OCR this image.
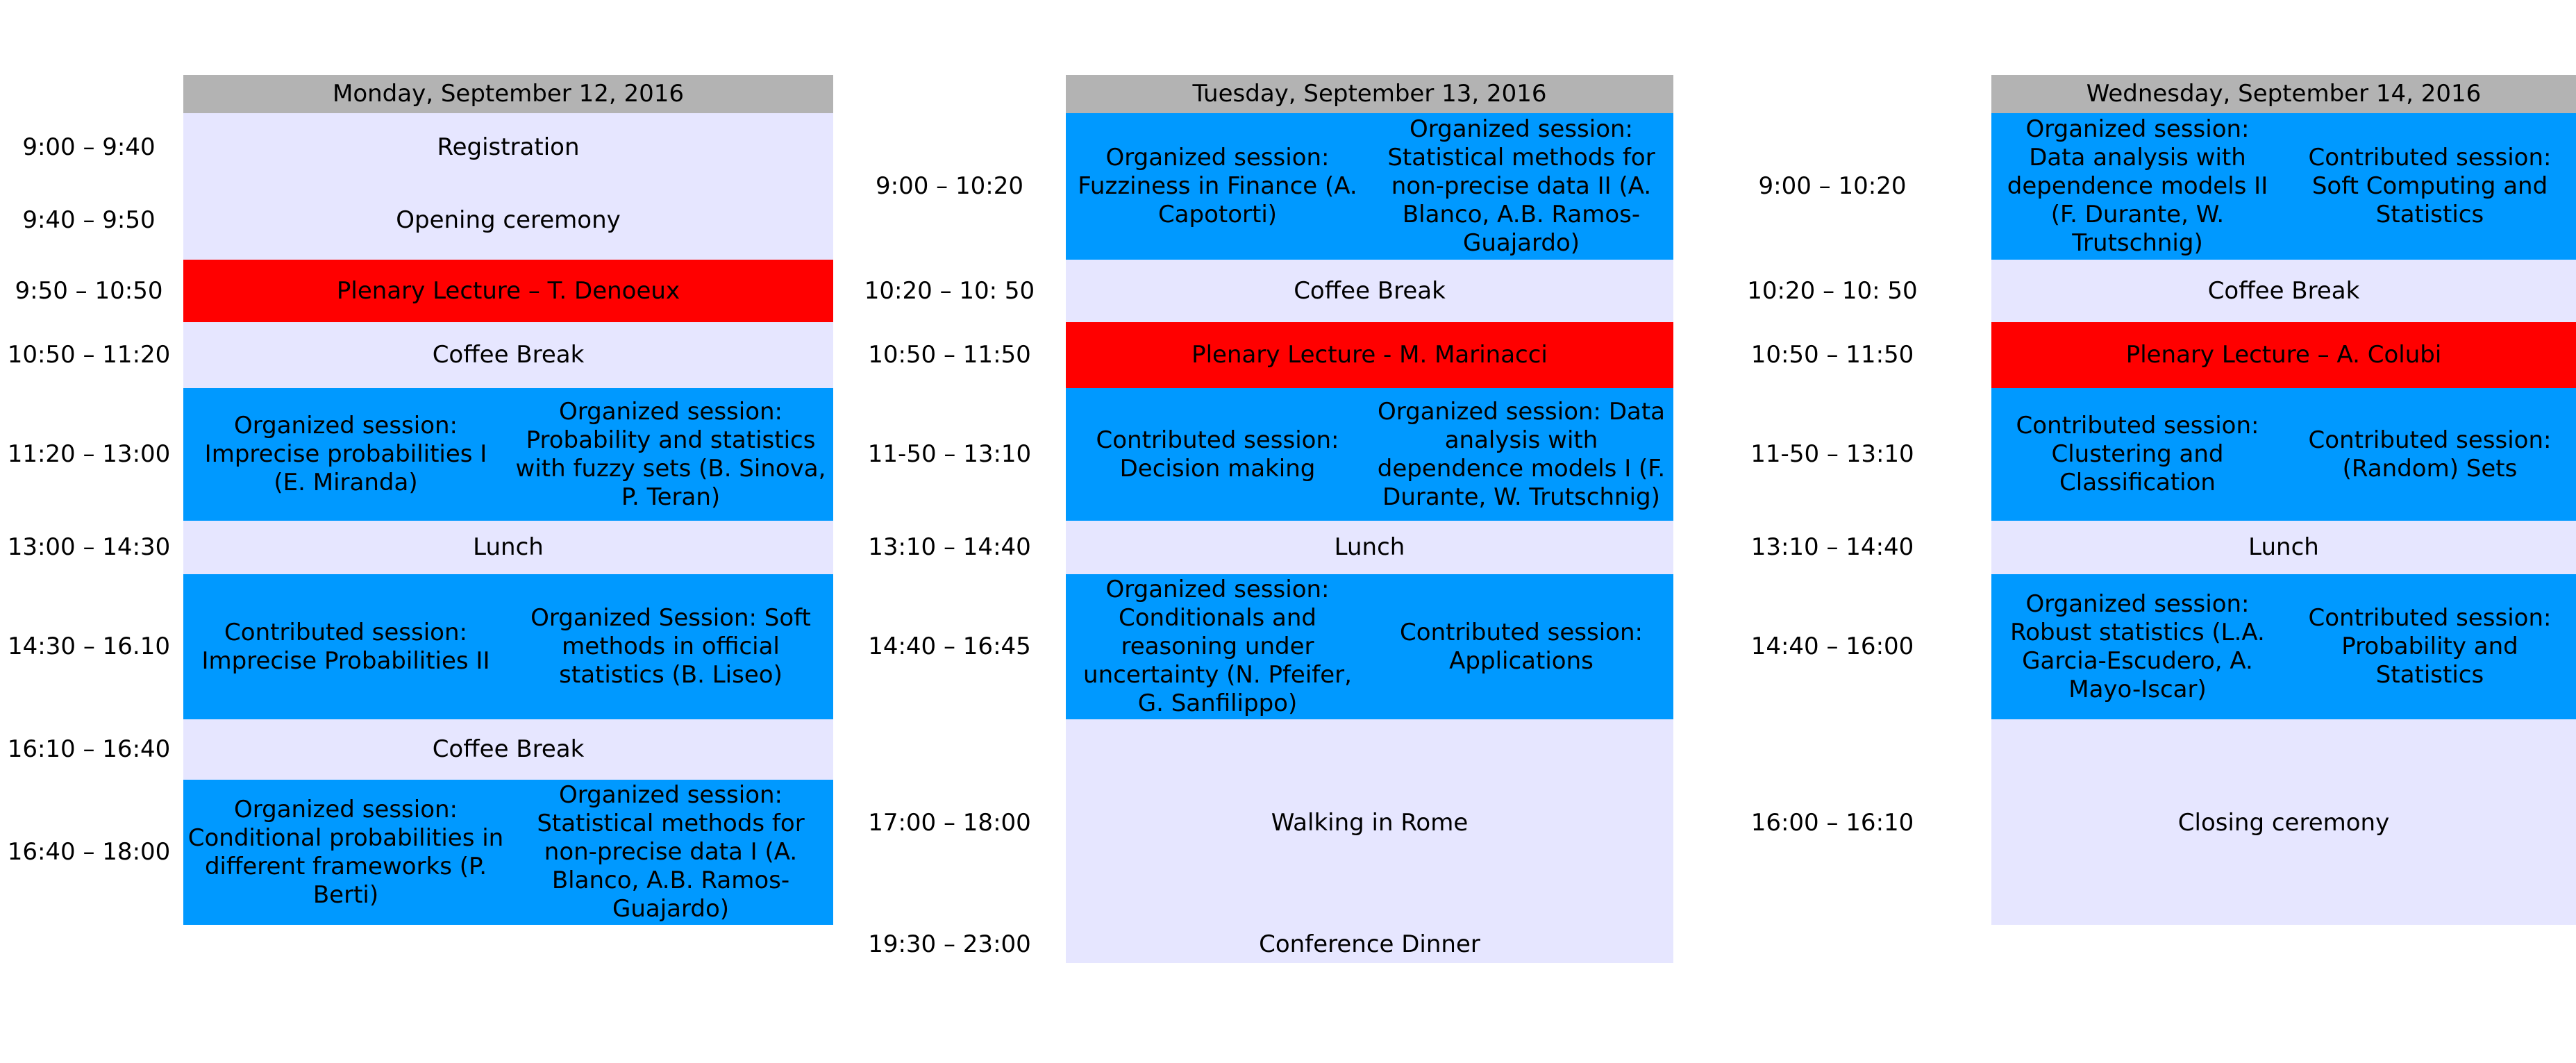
Monday, September 12, 2016
9:00 – 9:40
9:40 – 9:50
9:50 – 10:50
10:50 – 11:20
11:20 – 13:00
13:00 – 14:30
14:30 – 16.10
16:10 – 16:40
16:40 – 18:00
Registration
Opening ceremony
Plenary Lecture – T. Denoeux
Coffee Break
Organized session: Imprecise probabilities I (E. Miranda)
Organized session: Probability and statistics with fuzzy sets (B. Sinova, P. Teran)
Lunch
Contributed session: Imprecise Probabilities II
Organized Session: Soft methods in official statistics (B. Liseo)
Coffee Break
Organized session: Conditional probabilities in different frameworks (P. Berti)
Organized session: Statistical methods for non-precise data I (A. Blanco, A.B. Ramos-Guajardo)
Tuesday, September 13, 2016
9:00 – 10:20
10:20 – 10: 50
10:50 – 11:50
11-50 – 13:10
13:10 – 14:40
14:40 – 16:45
17:00 – 18:00
19:30 – 23:00
Organized session: Fuzziness in Finance (A. Capotorti)
Organized session: Statistical methods for non-precise data II (A. Blanco, A.B. Ramos-Guajardo)
Coffee Break
Plenary Lecture - M. Marinacci
Contributed session: Decision making
Organized session: Data analysis with dependence models I (F. Durante, W. Trutschnig)
Lunch
Organized session: Conditionals and reasoning under uncertainty (N. Pfeifer, G. Sanfilippo)
Contributed session: Applications
Walking in Rome
Conference Dinner
Wednesday, September 14, 2016
9:00 – 10:20
10:20 – 10: 50
10:50 – 11:50
11-50 – 13:10
13:10 – 14:40
14:40 – 16:00
16:00 – 16:10
Organized session: Data analysis with dependence models II (F. Durante, W. Trutschnig)
Contributed session: Soft Computing and Statistics
Coffee Break
Plenary Lecture – A. Colubi
Contributed session: Clustering and Classification
Contributed session: (Random) Sets
Lunch
Organized session: Robust statistics (L.A. Garcia-Escudero, A. Mayo-Iscar)
Contributed session: Probability and Statistics
Closing ceremony
